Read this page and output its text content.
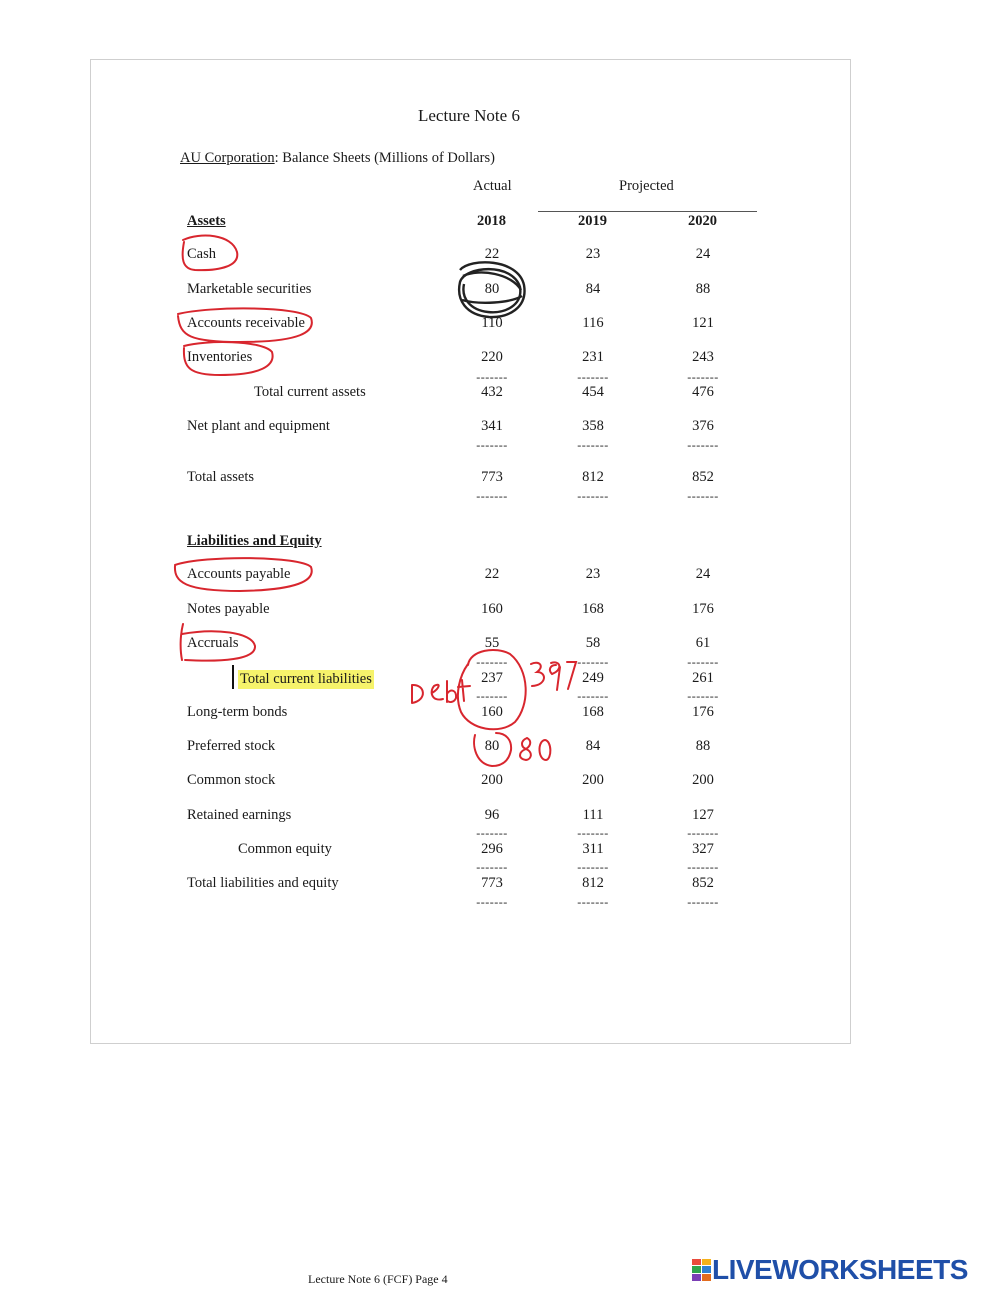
Lecture Note 6
AU Corporation: Balance Sheets (Millions of Dollars)
Actual	Projected
2018	2019	2020
Assets
Liabilities and Equity
Cash	22	23	24
Marketable securities	80	84	88
Accounts receivable	110	116	121
Inventories	220	231	243
Total current assets	432	454	476
Net plant and equipment	341	358	376
Total assets	773	812	852
Accounts payable	22	23	24
Notes payable	160	168	176
Accruals	55	58	61
Total current liabilities	237	249	261
Long-term bonds	160	168	176
Preferred stock	80	84	88
Common stock	200	200	200
Retained earnings	96	111	127
Common equity	296	311	327
Total liabilities and equity	773	812	852
-------	-------	-------
-------	-------	-------
-------	-------	-------
-------	-------	-------
-------	-------	-------
-------	-------	-------
-------	-------	-------
-------	-------	-------
Lecture Note 6 (FCF) Page 4	LIVEWORKSHEETS
